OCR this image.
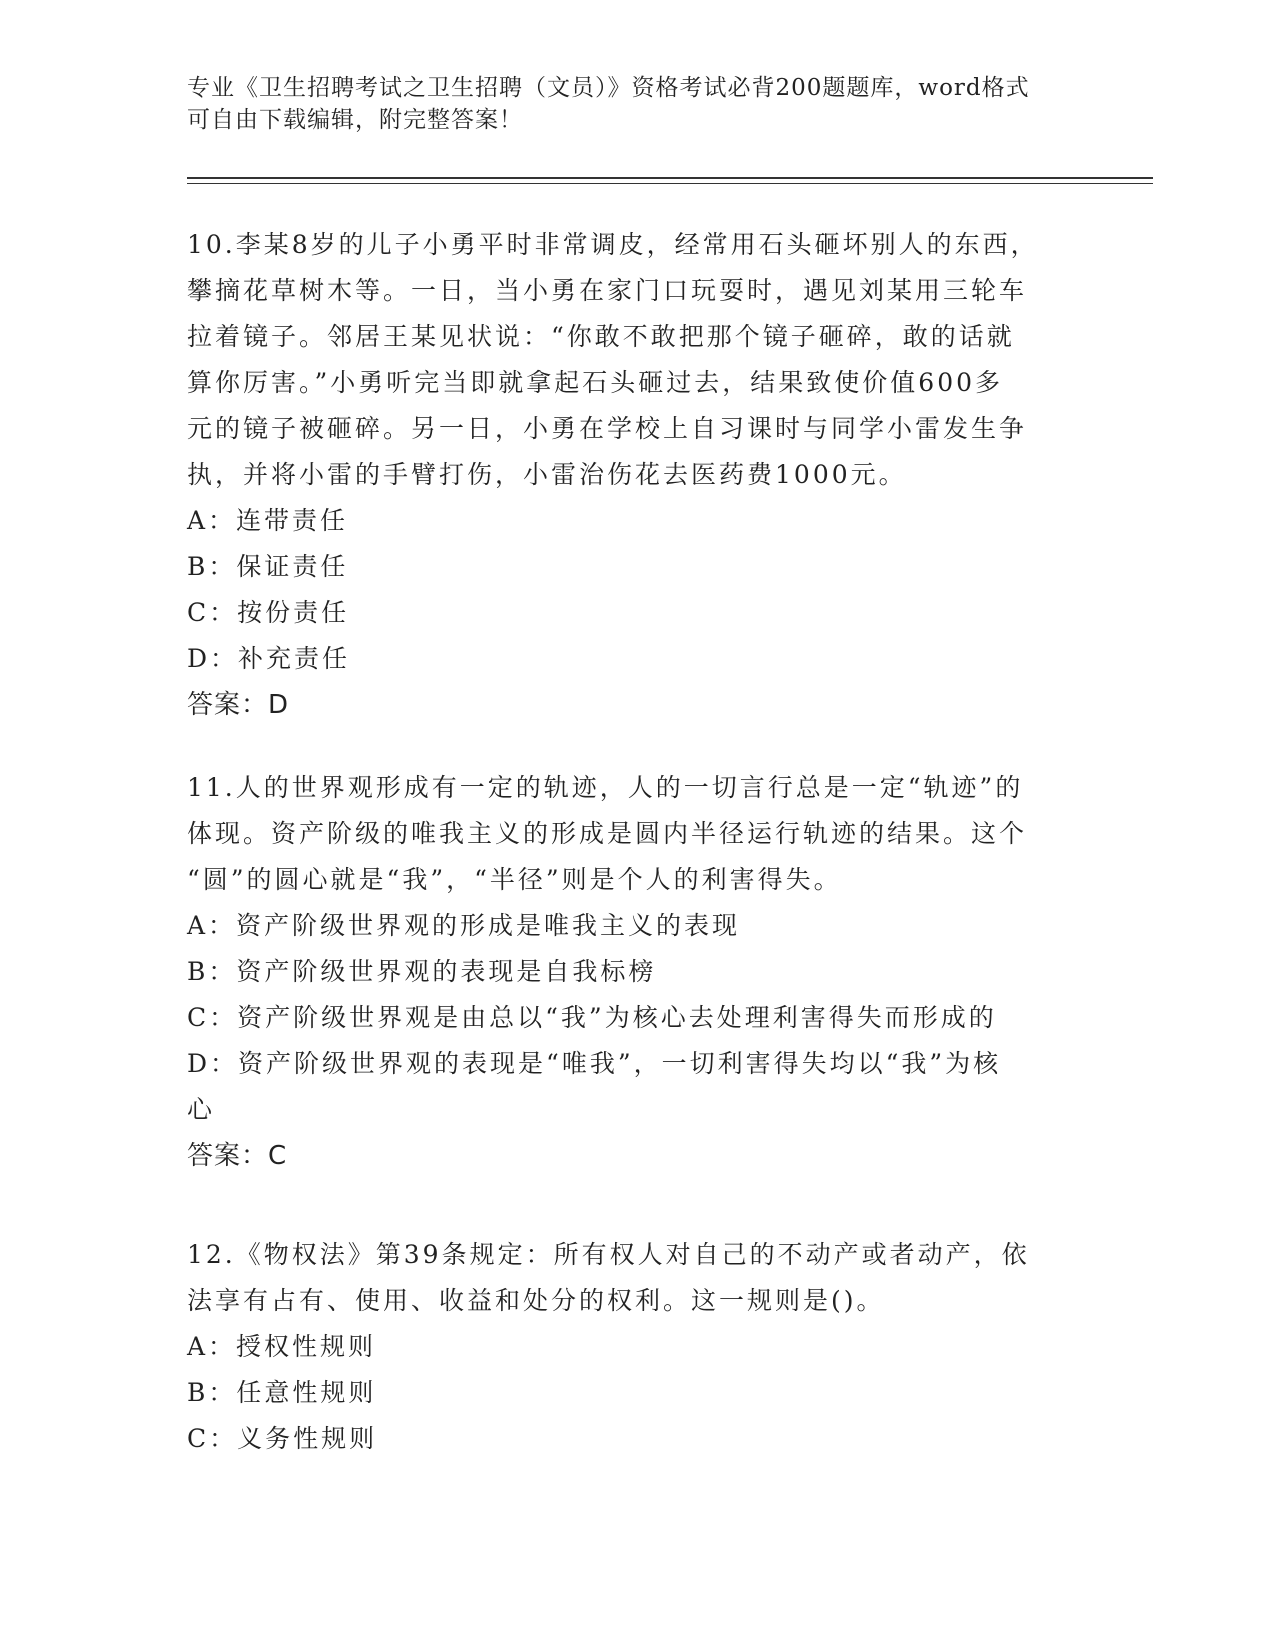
专业《卫生招聘考试之卫生招聘（文员）》资格考试必背200题题库，word格式

可自由下载编辑，附完整答案！

10.李某8岁的儿子小勇平时非常调皮，经常用石头砸坏别人的东西，

攀摘花草树木等。一日，当小勇在家门口玩耍时，遇见刘某用三轮车

拉着镜子。邻居王某见状说：“你敢不敢把那个镜子砸碎，敢的话就

算你厉害。”小勇听完当即就拿起石头砸过去，结果致使价值600多

元的镜子被砸碎。另一日，小勇在学校上自习课时与同学小雷发生争

执，并将小雷的手臂打伤，小雷治伤花去医药费1000元。

A：连带责任

B：保证责任

C：按份责任

D：补充责任

答案：D

11.人的世界观形成有一定的轨迹，人的一切言行总是一定“轨迹”的

体现。资产阶级的唯我主义的形成是圆内半径运行轨迹的结果。这个

“圆”的圆心就是“我”，“半径”则是个人的利害得失。

A：资产阶级世界观的形成是唯我主义的表现

B：资产阶级世界观的表现是自我标榜

C：资产阶级世界观是由总以“我”为核心去处理利害得失而形成的

D：资产阶级世界观的表现是“唯我”，一切利害得失均以“我”为核

心

答案：C

12.《物权法》第39条规定：所有权人对自己的不动产或者动产，依

法享有占有、使用、收益和处分的权利。这一规则是()。

A：授权性规则

B：任意性规则

C：义务性规则
